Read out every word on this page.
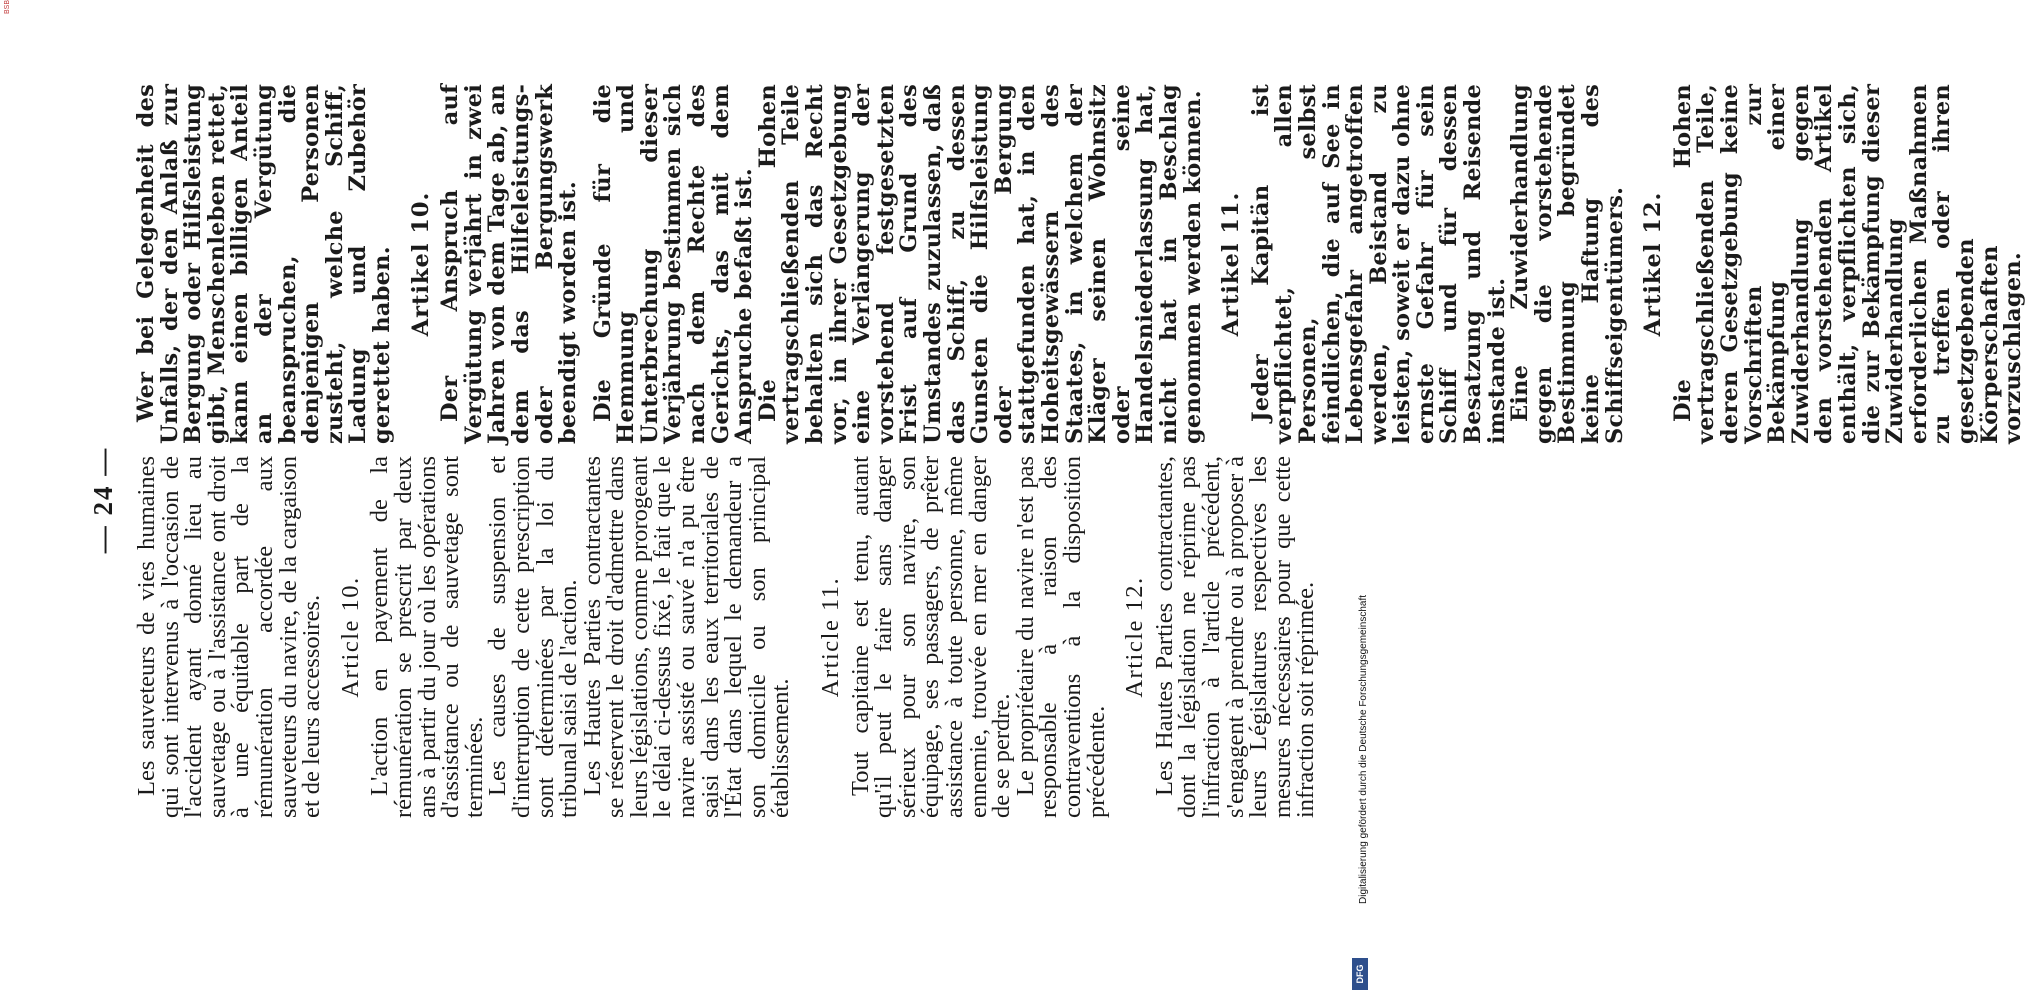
— 24 — Les sauveteurs de vies humaines qui sont intervenus à l'occasion de l'accident ayant donné lieu au sauvetage ou à l'assistance ont droit à une équitable part de la rémunération accordée aux sauveteurs du navire, de la cargaison et de leurs accessoires. Article 10. L'action en payement de la rémunération se prescrit par deux ans à partir du jour où les opérations d'assistance ou de sauvetage sont terminées.

Les causes de suspension et d'interruption de cette prescription sont déterminées par la loi du tribunal saisi de l'action.

Les Hautes Parties contractantes se réservent le droit d'admettre dans leurs législations, comme prorogeant le délai ci-dessus fixé, le fait que le navire assisté ou sauvé n'a pu être saisi dans les eaux territoriales de l'État dans lequel le demandeur a son domicile ou son principal établissement.

Article 11. Tout capitaine est tenu, autant qu'il peut le faire sans danger sérieux pour son navire, son équipage, ses passagers, de prêter assistance à toute personne, même ennemie, trouvée en mer en danger de se perdre.

Le propriétaire du navire n'est pas responsable à raison des contraventions à la disposition précédente.

Article 12. Les Hautes Parties contractantes, dont la législation ne réprime pas l'infraction à l'article précédent, s'engagent à prendre ou à proposer à leurs Législatures respectives les mesures nécessaires pour que cette infraction soit réprimée.

Wer bei Gelegenheit des Unfalls, der den Anlaß zur Bergung oder Hilfsleistung gibt, Menschenleben rettet, kann einen billigen Anteil an der Vergütung beanspruchen, die denjenigen Personen zusteht, welche Schiff, Ladung und Zubehör gerettet haben. Artikel 10. Der Anspruch auf Vergütung verjährt in zwei Jahren von dem Tage ab, an dem das Hilfeleistungs- oder Bergungswerk beendigt worden ist. Die Gründe für die Hemmung und Unterbrechung dieser Verjährung bestimmen sich nach dem Rechte des Gerichts, das mit dem Anspruche befaßt ist.

Die Hohen vertragschließenden Teile behalten sich das Recht vor, in ihrer Gesetzgebung eine Verlängerung der vorstehend festgesetzten Frist auf Grund des Umstandes zuzulassen, daß das Schiff, zu dessen Gunsten die Hilfsleistung oder Bergung stattgefunden hat, in den Hoheitsgewässern des Staates, in welchem der Kläger seinen Wohnsitz oder seine Handelsniederlassung hat, nicht hat in Beschlag genommen werden können. Artikel 11. Jeder Kapitän ist verpflichtet, allen Personen, selbst feindlichen, die auf See in Lebensgefahr angetroffen werden, Beistand zu leisten, soweit er dazu ohne ernste Gefahr für sein Schiff und für dessen Besatzung und Reisende imstande ist.

Eine Zuwiderhandlung gegen die vorstehende Bestimmung begründet keine Haftung des Schiffseigentümers. Artikel 12. Die Hohen vertragschließenden Teile, deren Gesetzgebung keine Vorschriften zur Bekämpfung einer Zuwiderhandlung gegen den vorstehenden Artikel enthält, verpflichten sich, die zur Bekämpfung dieser Zuwiderhandlung erforderlichen Maßnahmen zu treffen oder ihren gesetzgebenden Körperschaften vorzuschlagen.

DFG
Digitalisierung gefördert durch die Deutsche Forschungsgemeinschaft
BSB
